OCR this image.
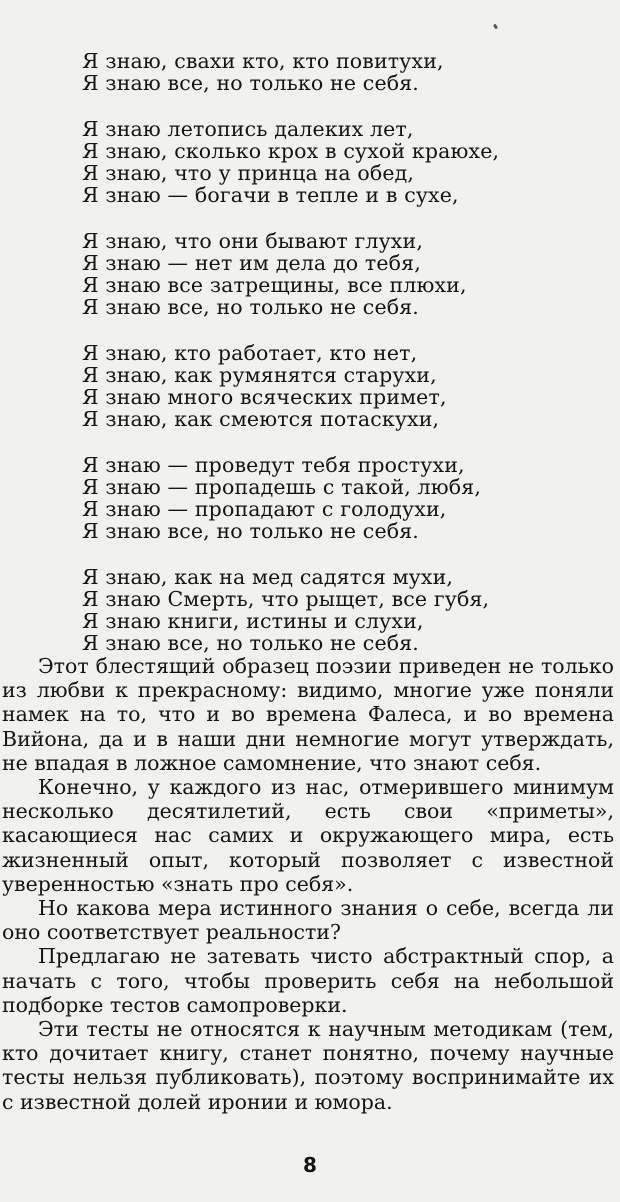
Я знаю, свахи кто, кто повитухи,
Я знаю все, но только не себя.
Я знаю летопись далеких лет,
Я знаю, сколько крох в сухой краюхе,
Я знаю, что у принца на обед,
Я знаю — богачи в тепле и в сухе,
Я знаю, что они бывают глухи,
Я знаю — нет им дела до тебя,
Я знаю все затрещины, все плюхи,
Я знаю все, но только не себя.
Я знаю, кто работает, кто нет,
Я знаю, как румянятся старухи,
Я знаю много всяческих примет,
Я знаю, как смеются потаскухи,
Я знаю — проведут тебя простухи,
Я знаю — пропадешь с такой, любя,
Я знаю — пропадают с голодухи,
Я знаю все, но только не себя.
Я знаю, как на мед садятся мухи,
Я знаю Смерть, что рыщет, все губя,
Я знаю книги, истины и слухи,
Я знаю все, но только не себя.

Этот блестящий образец поэзии приведен не только из любви к прекрасному: видимо, многие уже поняли намек на то, что и во времена Фалеса, и во времена Вийона, да и в наши дни немногие могут утверждать, не впадая в ложное самомнение, что знают себя.

Конечно, у каждого из нас, отмерившего минимум несколько десятилетий, есть свои «приметы», касающиеся нас самих и окружающего мира, есть жизненный опыт, который позволяет с известной уверенностью «знать про себя».

Но какова мера истинного знания о себе, всегда ли оно соответствует реальности?

Предлагаю не затевать чисто абстрактный спор, а начать с того, чтобы проверить себя на небольшой подборке тестов самопроверки.

Эти тесты не относятся к научным методикам (тем, кто дочитает книгу, станет понятно, почему научные тесты нельзя публиковать), поэтому воспринимайте их с известной долей иронии и юмора.

8
